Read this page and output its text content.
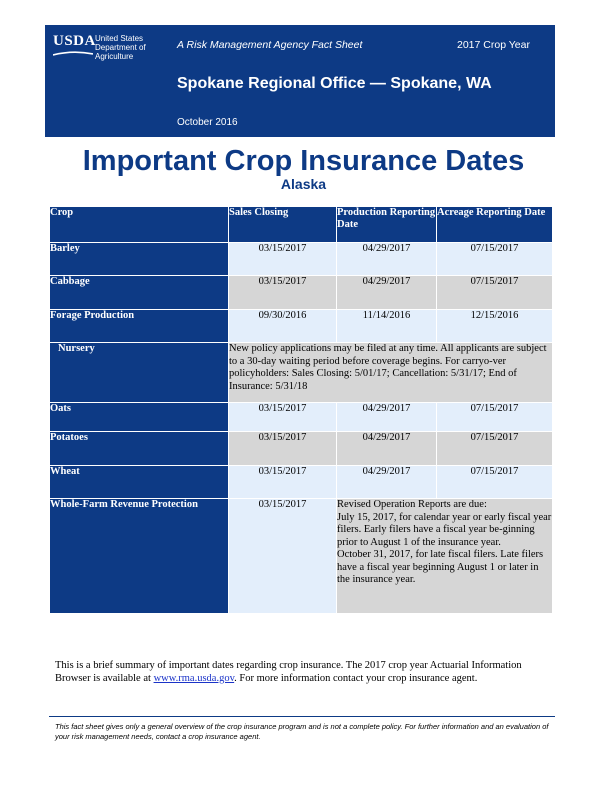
USDA United States
Department of
Agriculture
A Risk Management Agency Fact Sheet	2017 Crop Year
Spokane Regional Office — Spokane, WA
October 2016
Important Crop Insurance Dates
Alaska
Crop	Sales Closing	Production Reporting Date	Acreage Reporting Date
Barley	03/15/2017	04/29/2017	07/15/2017
Cabbage	03/15/2017	04/29/2017	07/15/2017
Forage Production	09/30/2016	11/14/2016	12/15/2016
Nursery	New policy applications may be filed at any time. All applicants are subject to a 30-day waiting period before coverage begins. For carryo-ver policyholders: Sales Closing: 5/01/17; Cancellation: 5/31/17; End of Insurance: 5/31/18		
Oats	03/15/2017	04/29/2017	07/15/2017
Potatoes	03/15/2017	04/29/2017	07/15/2017
Wheat	03/15/2017	04/29/2017	07/15/2017
Whole-Farm Revenue Protection	03/15/2017	Revised Operation Reports are due:
July 15, 2017, for calendar year or early fiscal year filers. Early filers have a fiscal year be-ginning prior to August 1 of the insurance year.
October 31, 2017, for late fiscal filers. Late filers have a fiscal year beginning August 1 or later in the insurance year.	
This is a brief summary of important dates regarding crop insurance. The 2017 crop year Actuarial Information Browser is available at www.rma.usda.gov. For more information contact your crop insurance agent.
This fact sheet gives only a general overview of the crop insurance program and is not a complete policy. For further information and an evaluation of your risk management needs, contact a crop insurance agent.
